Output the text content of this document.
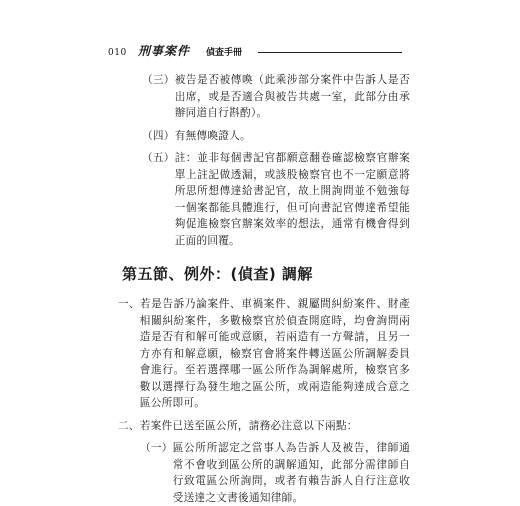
010 刑事案件 偵查手冊
（三） 被告是否被傳喚（此乘涉部分案件中告訴人是否出席，或是否適合與被告共處一室，此部分由承辦同道自行斟酌）。
（四） 有無傳喚證人。
（五） 註：並非每個書記官都願意翻卷確認檢察官辦案單上註記做透漏，或該股檢察官也不一定願意將所思所想傳達給書記官，故上開詢問並不勉強每一個案都能具體進行，但可向書記官傳達希望能夠促進檢察官辦案效率的想法，通常有機會得到正面的回覆。
第五節、例外：(偵查) 調解
一、 若是告訴乃論案件、車禍案件、親屬間糾紛案件、財產相關糾紛案件，多數檢察官於偵查開庭時，均會詢問兩造是否有和解可能或意願，若兩造有一方聲請，且另一方亦有和解意願，檢察官會將案件轉送區公所調解委員會進行。至若選擇哪一區公所作為調解處所，檢察官多數以選擇行為發生地之區公所，或兩造能夠達成合意之區公所即可。
二、 若案件已送至區公所，請務必注意以下兩點：
（一） 區公所所認定之當事人為告訴人及被告，律師通常不會收到區公所的調解通知，此部分需律師自行致電區公所詢問，或者有賴告訴人自行注意收受送達之文書後通知律師。
